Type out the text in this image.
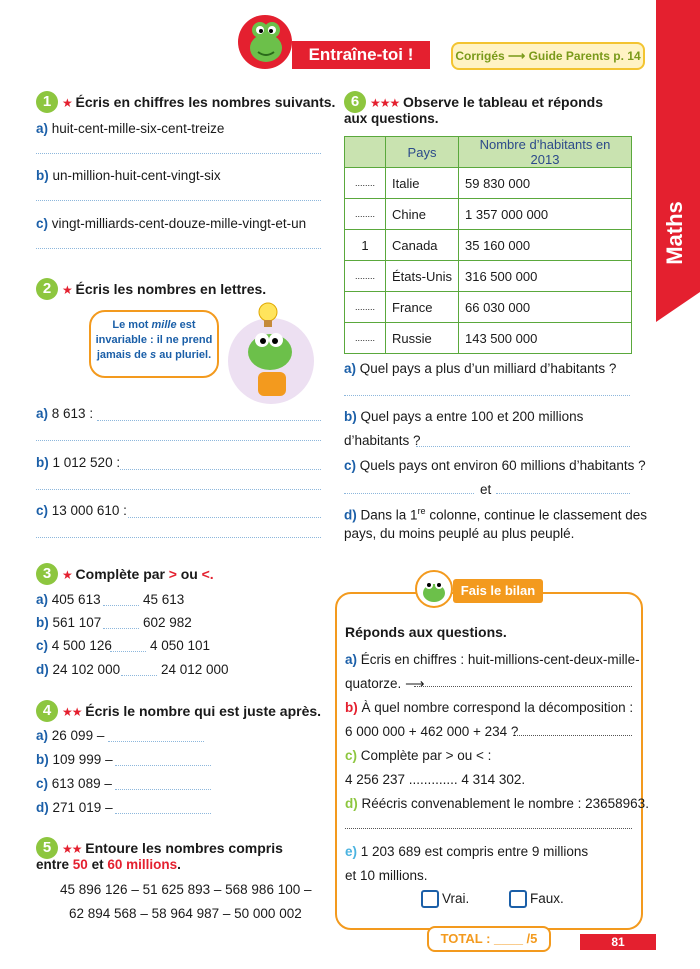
Entraîne-toi !	Corrigés ⟶ Guide Parents p. 14
Maths
1 ★ Écris en chiffres les nombres suivants.
a) huit-cent-mille-six-cent-treize
b) un-million-huit-cent-vingt-six
c) vingt-milliards-cent-douze-mille-vingt-et-un
2 ★ Écris les nombres en lettres.
Le mot mille est invariable : il ne prend jamais de s au pluriel.
a) 8 613 :
b) 1 012 520 :
c) 13 000 610 :
3 ★ Complète par > ou <.
a) 405 613	45 613
b) 561 107	602 982
c) 4 500 126	4 050 101
d) 24 102 000	24 012 000
4 ★★ Écris le nombre qui est juste après.
a) 26 099 –
b) 109 999 –
c) 613 089 –
d) 271 019 –
5 ★★ Entoure les nombres compris
entre 50 et 60 millions.
45 896 126 – 51 625 893 – 568 986 100 –
62 894 568 – 58 964 987 – 50 000 002
6 ★★★ Observe le tableau et réponds
aux questions.
	Pays	Nombre d’habitants en 2013
........	Italie	59 830 000
........	Chine	1 357 000 000
1	Canada	35 160 000
........	États-Unis	316 500 000
........	France	66 030 000
........	Russie	143 500 000
a) Quel pays a plus d’un milliard d’habitants ?
b) Quel pays a entre 100 et 200 millions
d’habitants ?
c) Quels pays ont environ 60 millions d’habitants ?
et
d) Dans la 1re colonne, continue le classement des
pays, du moins peuplé au plus peuplé.
Fais le bilan
Réponds aux questions.
a) Écris en chiffres : huit-millions-cent-deux-mille-
quatorze. ⟶
b) À quel nombre correspond la décomposition :
6 000 000 + 462 000 + 234 ?
c) Complète par > ou < :
4 256 237 ............. 4 314 302.
d) Réécris convenablement le nombre : 23658963.
e) 1 203 689 est compris entre 9 millions
et 10 millions.
Vrai.	Faux.
TOTAL : ____ /5	81
